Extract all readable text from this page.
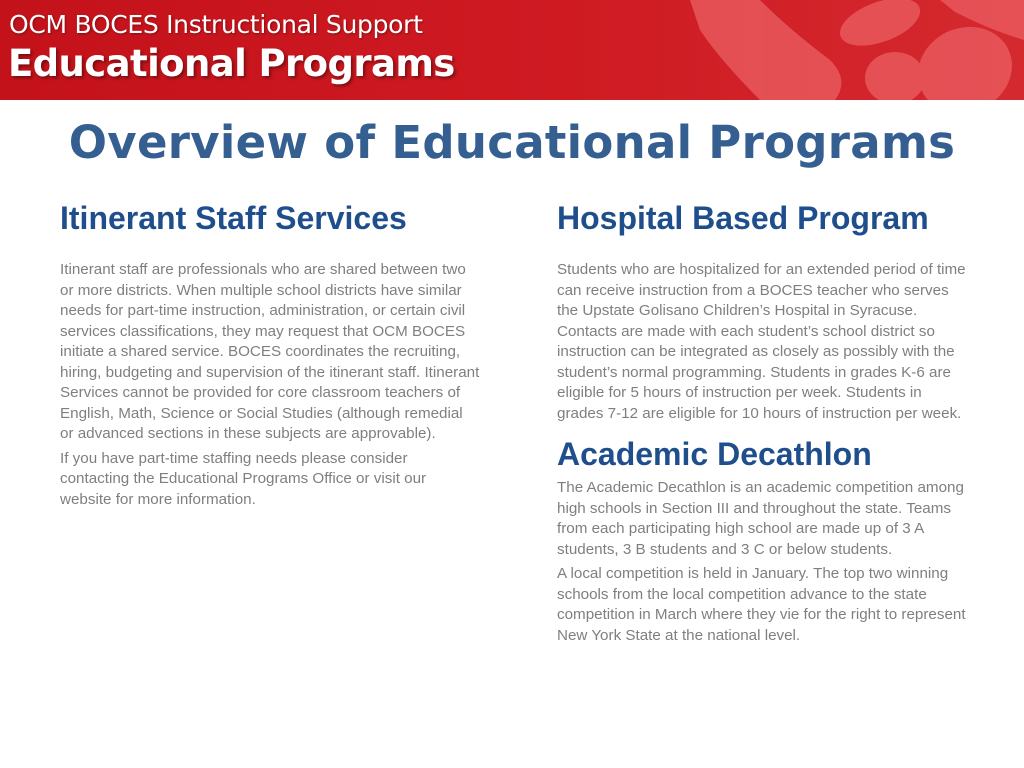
OCM BOCES Instructional Support
Educational Programs
Overview of Educational Programs
Itinerant Staff Services

Itinerant staff are professionals who are shared between two or more districts. When multiple school districts have similar needs for part-time instruction, administration, or certain civil services classifications, they may request that OCM BOCES initiate a shared service. BOCES coordinates the recruiting, hiring, budgeting and supervision of the itinerant staff. Itinerant Services cannot be provided for core classroom teachers of English, Math, Science or Social Studies (although remedial or advanced sections in these subjects are approvable).

If you have part-time staffing needs please consider contacting the Educational Programs Office or visit our website for more information.

Hospital Based Program

Students who are hospitalized for an extended period of time can receive instruction from a BOCES teacher who serves the Upstate Golisano Children’s Hospital in Syracuse. Contacts are made with each student’s school district so instruction can be integrated as closely as possibly with the student’s normal programming. Students in grades K-6 are eligible for 5 hours of instruction per week. Students in grades 7-12 are eligible for 10 hours of instruction per week.

Academic Decathlon

The Academic Decathlon is an academic competition among high schools in Section III and throughout the state. Teams from each participating high school are made up of 3 A students, 3 B students and 3 C or below students.

A local competition is held in January. The top two winning schools from the local competition advance to the state competition in March where they vie for the right to represent New York State at the national level.
